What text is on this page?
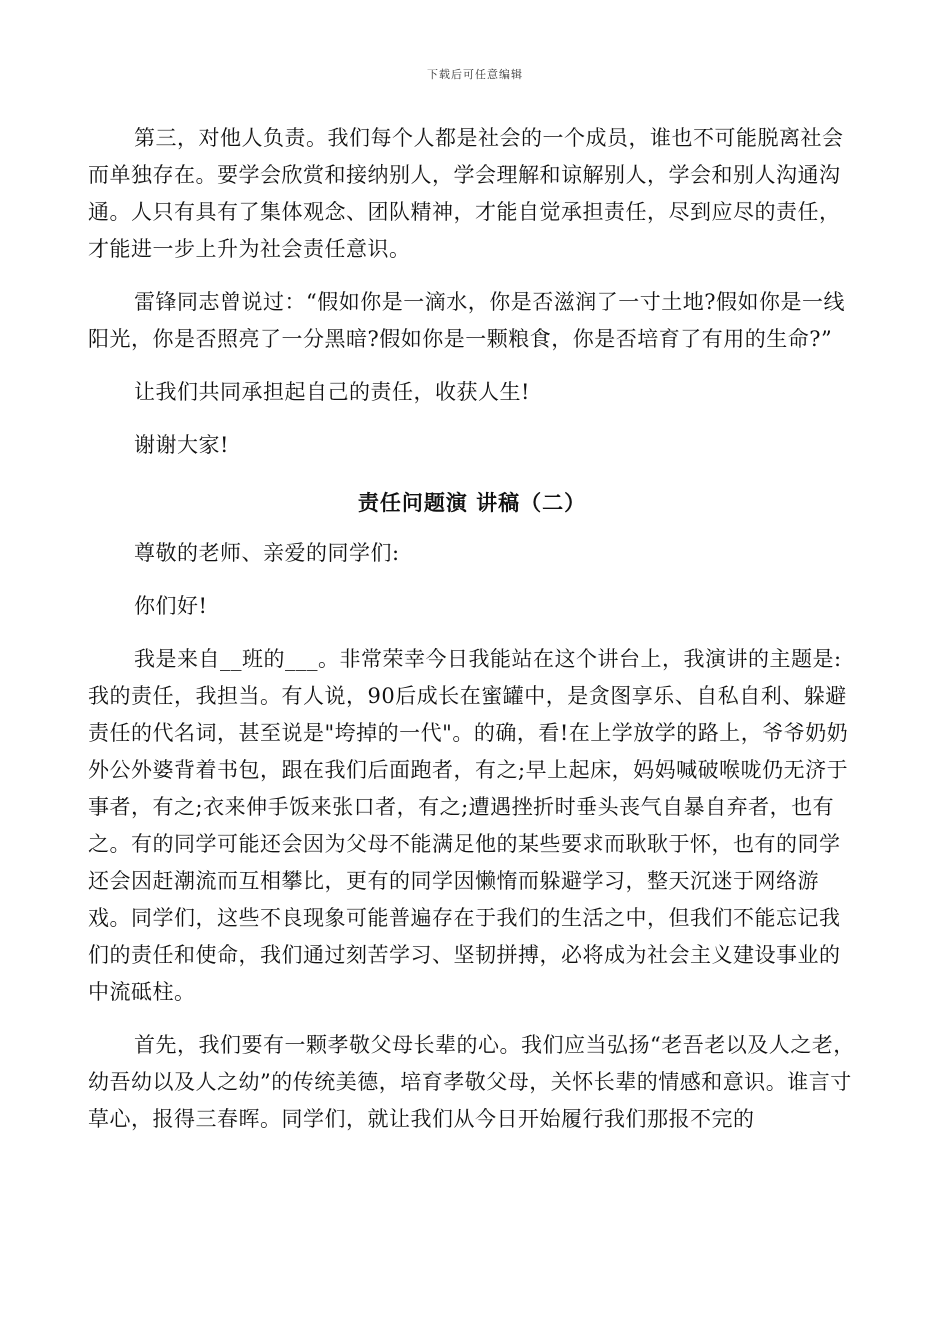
下载后可任意编辑

第三，对他人负责。我们每个人都是社会的一个成员，谁也不可能脱离社会而单独存在。要学会欣赏和接纳别人，学会理解和谅解别人，学会和别人沟通沟通。人只有具有了集体观念、团队精神，才能自觉承担责任，尽到应尽的责任，才能进一步上升为社会责任意识。

雷锋同志曾说过：“假如你是一滴水，你是否滋润了一寸土地?假如你是一线阳光，你是否照亮了一分黑暗?假如你是一颗粮食，你是否培育了有用的生命?”

让我们共同承担起自己的责任，收获人生!

谢谢大家!

责任问题演 讲稿（二）

尊敬的老师、亲爱的同学们:

你们好!

我是来自__班的___。非常荣幸今日我能站在这个讲台上，我演讲的主题是:我的责任，我担当。有人说，90后成长在蜜罐中，是贪图享乐、自私自利、躲避责任的代名词，甚至说是"垮掉的一代"。的确，看!在上学放学的路上，爷爷奶奶外公外婆背着书包，跟在我们后面跑者，有之;早上起床，妈妈喊破喉咙仍无济于事者，有之;衣来伸手饭来张口者，有之;遭遇挫折时垂头丧气自暴自弃者，也有之。有的同学可能还会因为父母不能满足他的某些要求而耿耿于怀，也有的同学还会因赶潮流而互相攀比，更有的同学因懒惰而躲避学习，整天沉迷于网络游戏。同学们，这些不良现象可能普遍存在于我们的生活之中，但我们不能忘记我们的责任和使命，我们通过刻苦学习、坚韧拼搏，必将成为社会主义建设事业的中流砥柱。

首先，我们要有一颗孝敬父母长辈的心。我们应当弘扬“老吾老以及人之老，幼吾幼以及人之幼”的传统美德，培育孝敬父母，关怀长辈的情感和意识。谁言寸草心，报得三春晖。同学们，就让我们从今日开始履行我们那报不完的
